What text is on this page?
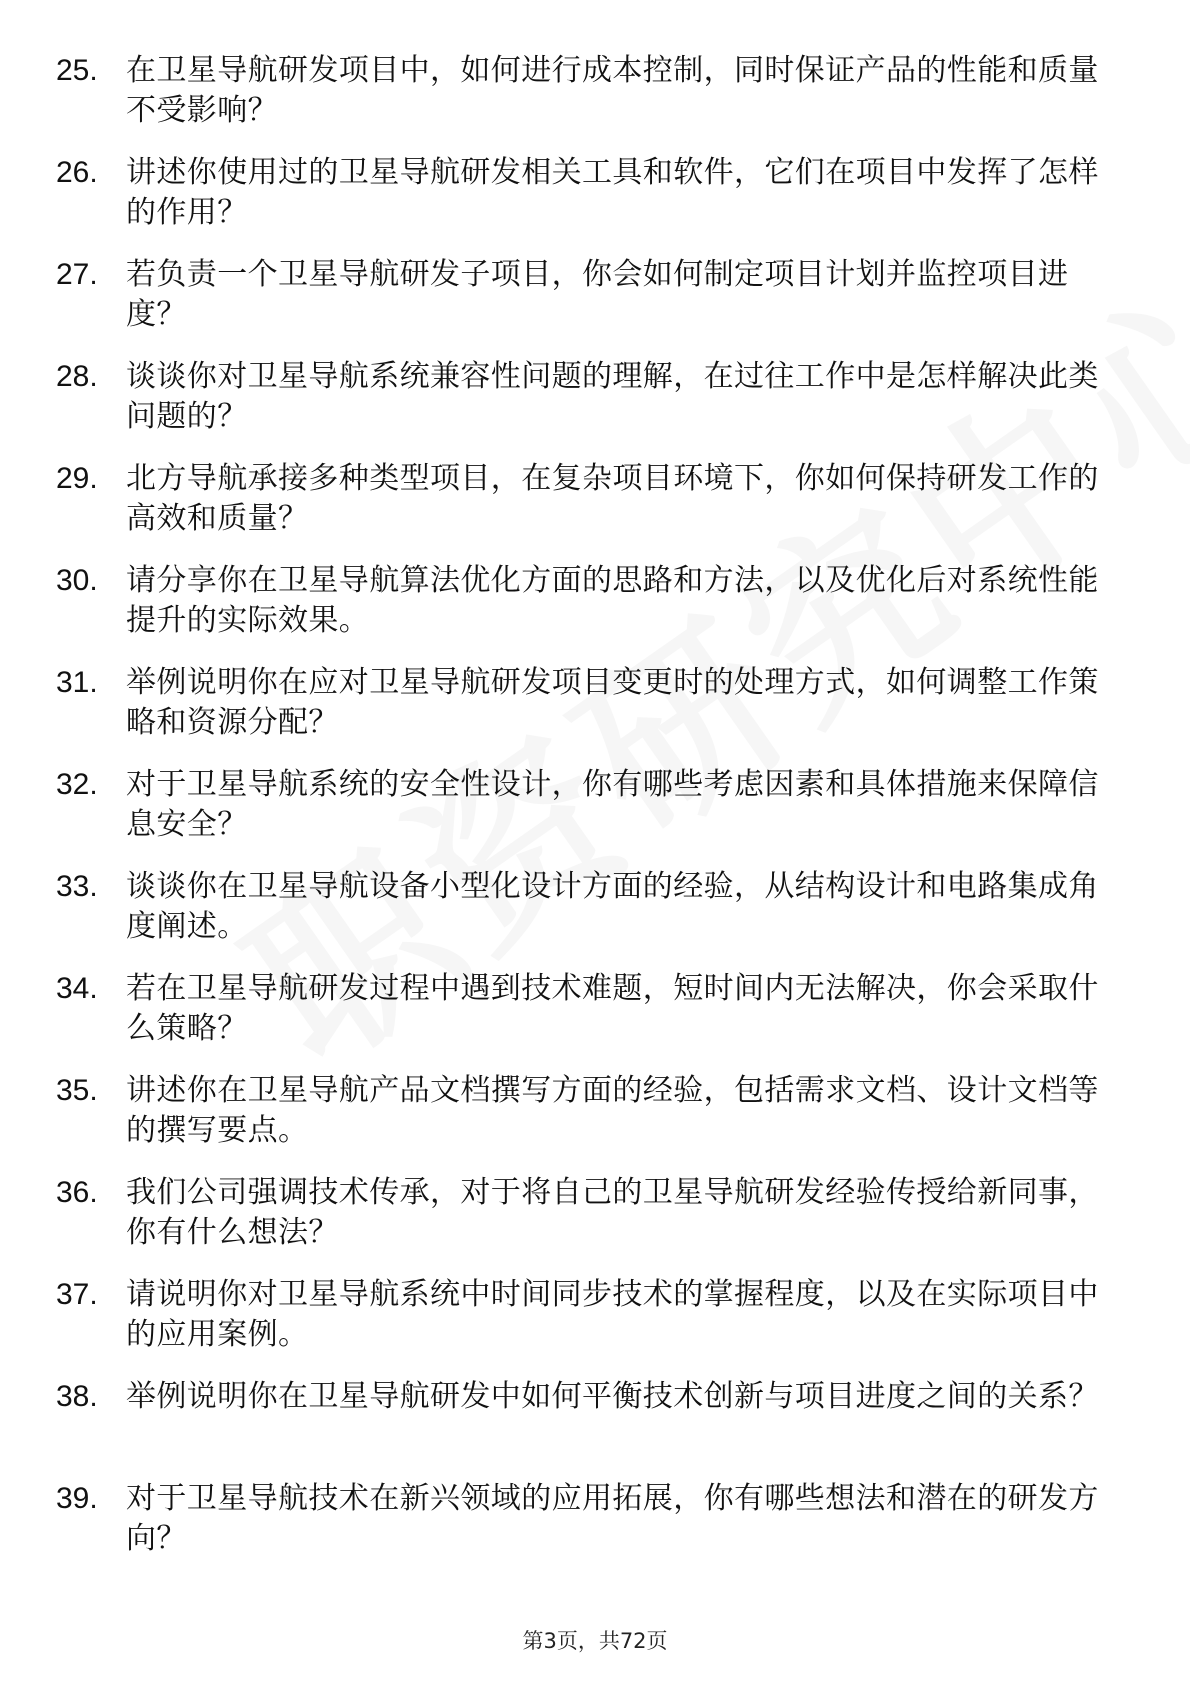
25. 在卫星导航研发项目中，如何进行成本控制，同时保证产品的性能和质量不受影响？
26. 讲述你使用过的卫星导航研发相关工具和软件，它们在项目中发挥了怎样的作用？
27. 若负责一个卫星导航研发子项目，你会如何制定项目计划并监控项目进度？
28. 谈谈你对卫星导航系统兼容性问题的理解，在过往工作中是怎样解决此类问题的？
29. 北方导航承接多种类型项目，在复杂项目环境下，你如何保持研发工作的高效和质量？
30. 请分享你在卫星导航算法优化方面的思路和方法，以及优化后对系统性能提升的实际效果。
31. 举例说明你在应对卫星导航研发项目变更时的处理方式，如何调整工作策略和资源分配？
32. 对于卫星导航系统的安全性设计，你有哪些考虑因素和具体措施来保障信息安全？
33. 谈谈你在卫星导航设备小型化设计方面的经验，从结构设计和电路集成角度阐述。
34. 若在卫星导航研发过程中遇到技术难题，短时间内无法解决，你会采取什么策略？
35. 讲述你在卫星导航产品文档撰写方面的经验，包括需求文档、设计文档等的撰写要点。
36. 我们公司强调技术传承，对于将自己的卫星导航研发经验传授给新同事，你有什么想法？
37. 请说明你对卫星导航系统中时间同步技术的掌握程度，以及在实际项目中的应用案例。
38. 举例说明你在卫星导航研发中如何平衡技术创新与项目进度之间的关系？
39. 对于卫星导航技术在新兴领域的应用拓展，你有哪些想法和潜在的研发方向？
第3页，共72页
